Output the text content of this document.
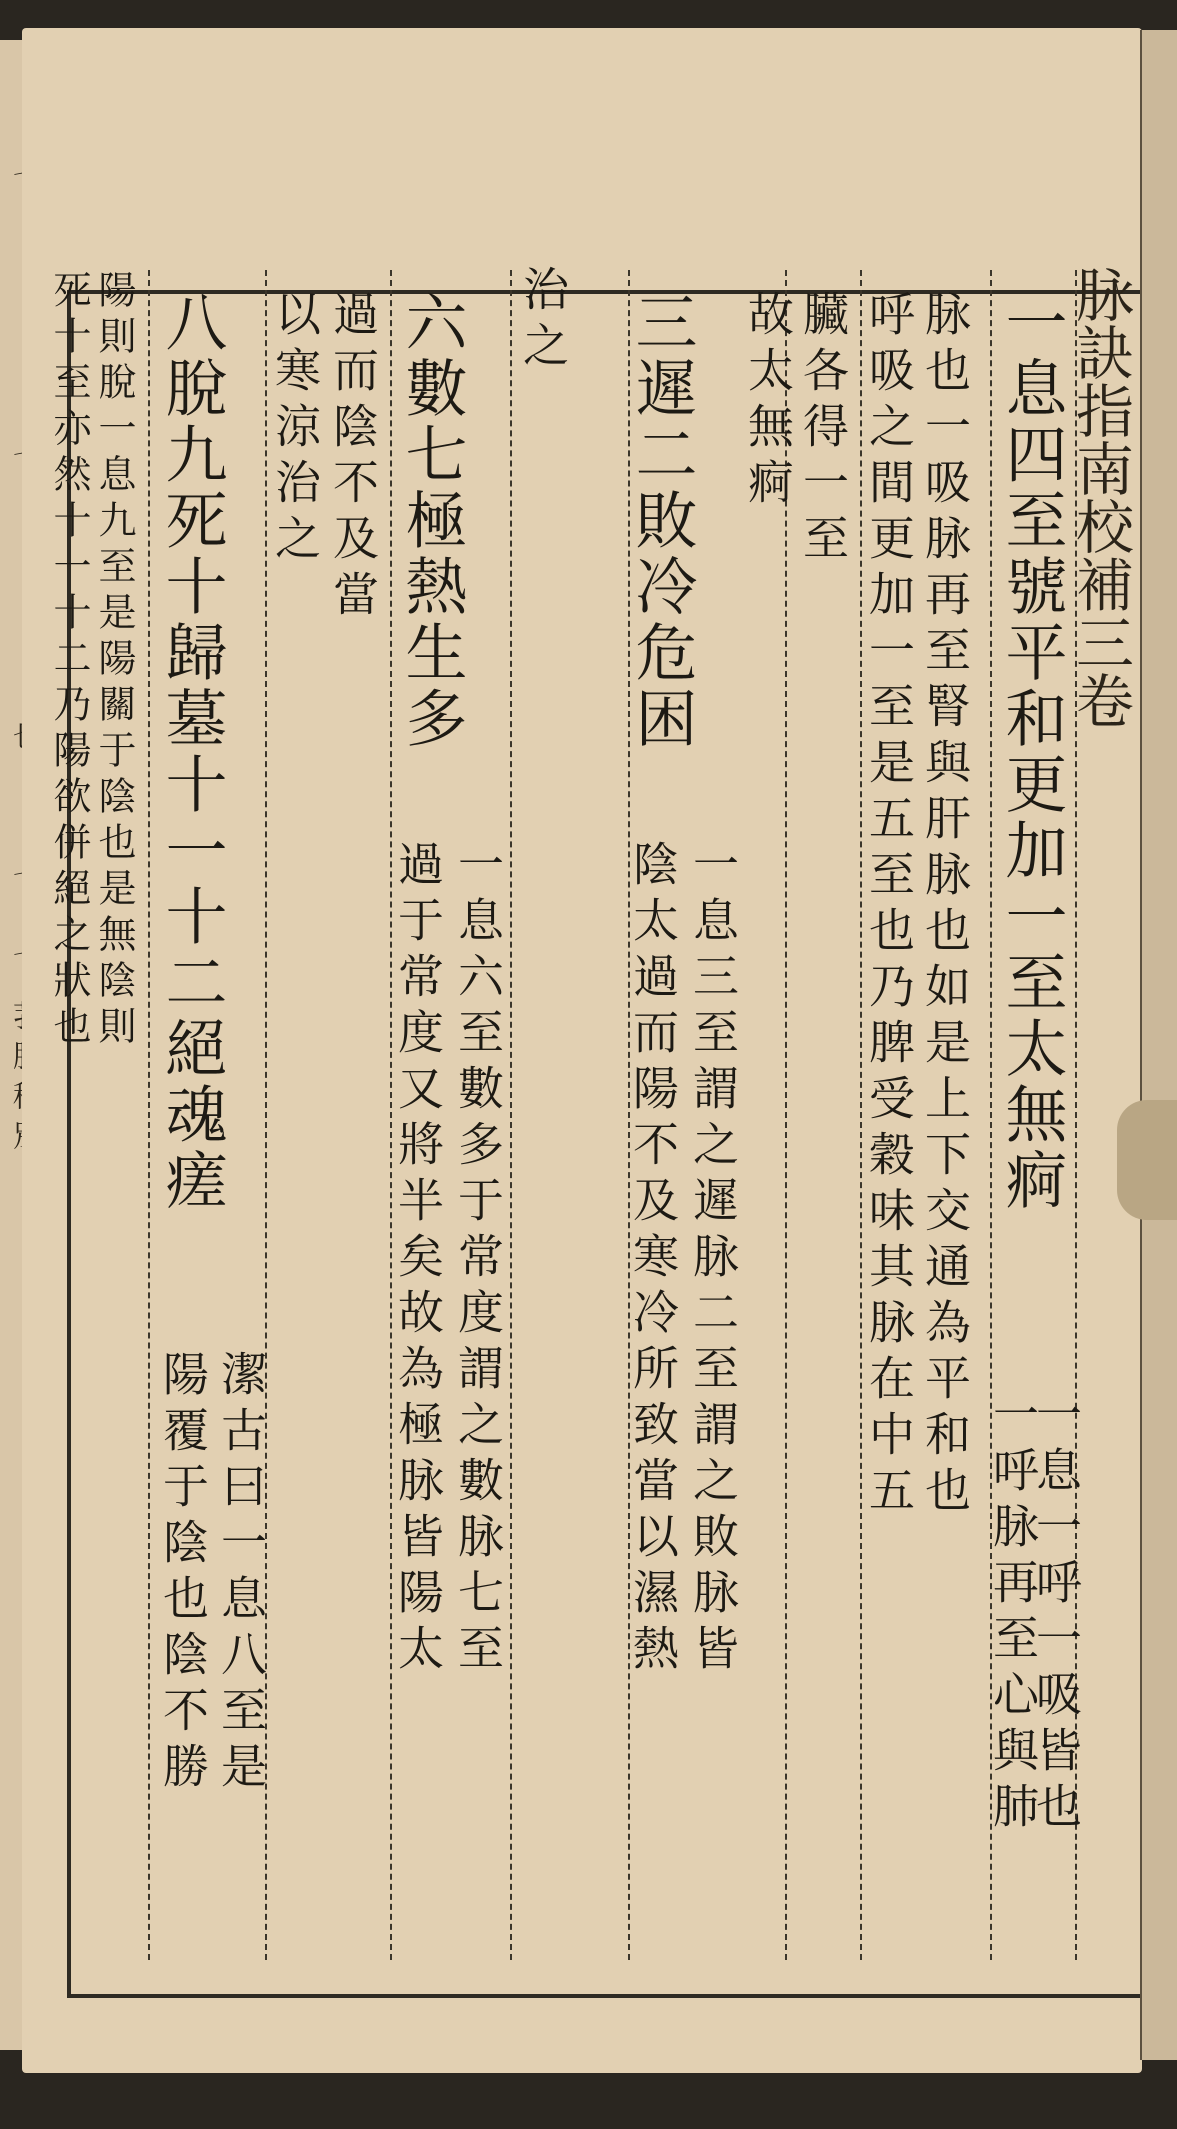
脉訣指南校補三卷
一息四至號平和更加一至太無痾
一息一呼一吸皆也
脉也一吸脉再至腎與肝脉也如是上下交通為平和也
呼吸之間更加一至是五至也乃脾受穀味其脉在中五
一呼脉再至心與肺
臟各得一至
故太無痾
三遲二敗冷危困
一息三至謂之遲脉二至謂之敗脉皆
陰太過而陽不及寒冷所致當以濕熱
治之
六數七極熱生多
一息六至數多于常度謂之數脉七至
過于常度又將半矣故為極脉皆陽太
過而陰不及當
以寒涼治之
八脫九死十歸墓十一十二絕魂瘥
潔古曰一息八至是
陽覆于陰也陰不勝
陽則脫一息九至是陽關于陰也是無陰則
死十至亦然十一十二乃陽欲併絕之狀也
